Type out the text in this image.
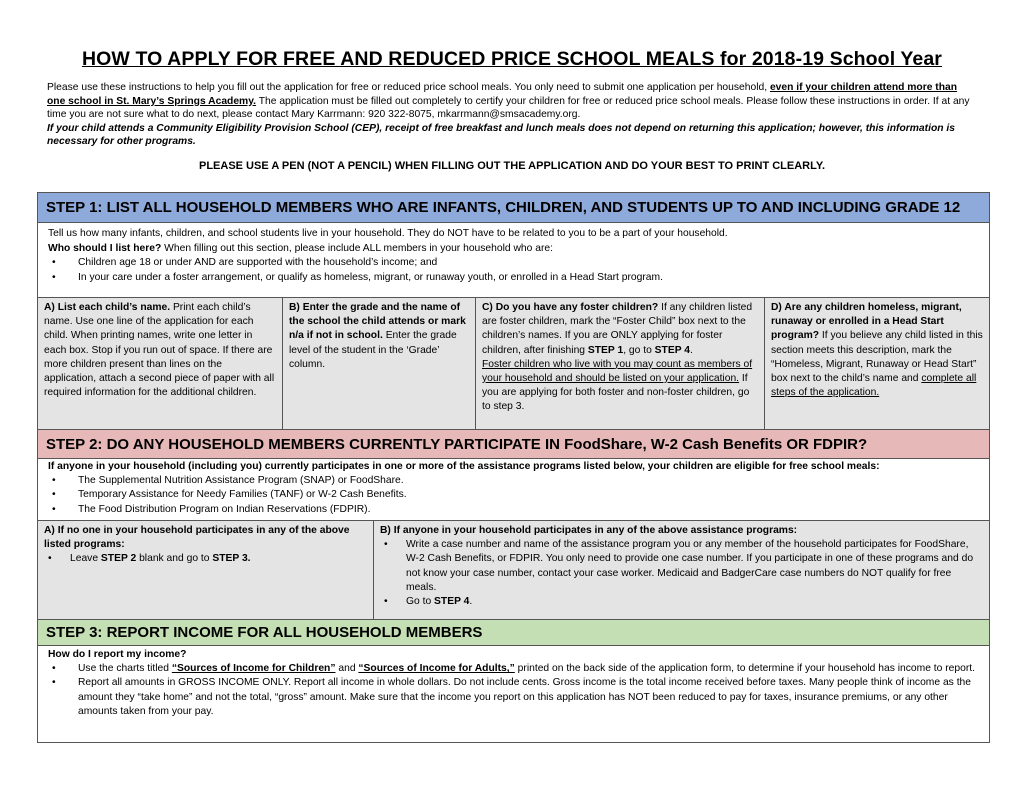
HOW TO APPLY FOR FREE AND REDUCED PRICE SCHOOL MEALS for 2018-19 School Year
Please use these instructions to help you fill out the application for free or reduced price school meals. You only need to submit one application per household, even if your children attend more than one school in St. Mary’s Springs Academy. The application must be filled out completely to certify your children for free or reduced price school meals. Please follow these instructions in order. If at any time you are not sure what to do next, please contact Mary Karrmann: 920 322-8075, mkarrmann@smsacademy.org.
If your child attends a Community Eligibility Provision School (CEP), receipt of free breakfast and lunch meals does not depend on returning this application; however, this information is necessary for other programs.
PLEASE USE A PEN (NOT A PENCIL) WHEN FILLING OUT THE APPLICATION AND DO YOUR BEST TO PRINT CLEARLY.
STEP 1: LIST ALL HOUSEHOLD MEMBERS WHO ARE INFANTS, CHILDREN, AND STUDENTS UP TO AND INCLUDING GRADE 12
Tell us how many infants, children, and school students live in your household. They do NOT have to be related to you to be a part of your household.
Who should I list here? When filling out this section, please include ALL members in your household who are:
• Children age 18 or under AND are supported with the household’s income; and
• In your care under a foster arrangement, or qualify as homeless, migrant, or runaway youth, or enrolled in a Head Start program.
A) List each child’s name. Print each child’s name. Use one line of the application for each child. When printing names, write one letter in each box. Stop if you run out of space. If there are more children present than lines on the application, attach a second piece of paper with all required information for the additional children.
B) Enter the grade and the name of the school the child attends or mark n/a if not in school. Enter the grade level of the student in the ‘Grade’ column.
C) Do you have any foster children? If any children listed are foster children, mark the “Foster Child” box next to the children’s names. If you are ONLY applying for foster children, after finishing STEP 1, go to STEP 4.
Foster children who live with you may count as members of your household and should be listed on your application. If you are applying for both foster and non-foster children, go to step 3.
D) Are any children homeless, migrant, runaway or enrolled in a Head Start program? If you believe any child listed in this section meets this description, mark the “Homeless, Migrant, Runaway or Head Start” box next to the child’s name and complete all steps of the application.
STEP 2: DO ANY HOUSEHOLD MEMBERS CURRENTLY PARTICIPATE IN FoodShare, W-2 Cash Benefits OR FDPIR?
If anyone in your household (including you) currently participates in one or more of the assistance programs listed below, your children are eligible for free school meals:
• The Supplemental Nutrition Assistance Program (SNAP) or FoodShare.
• Temporary Assistance for Needy Families (TANF) or W-2 Cash Benefits.
• The Food Distribution Program on Indian Reservations (FDPIR).
A) If no one in your household participates in any of the above listed programs:
• Leave STEP 2 blank and go to STEP 3.
B) If anyone in your household participates in any of the above assistance programs:
• Write a case number and name of the assistance program you or any member of the household participates for FoodShare, W-2 Cash Benefits, or FDPIR. You only need to provide one case number. If you participate in one of these programs and do not know your case number, contact your case worker. Medicaid and BadgerCare case numbers do NOT qualify for free meals.
• Go to STEP 4.
STEP 3: REPORT INCOME FOR ALL HOUSEHOLD MEMBERS
How do I report my income?
• Use the charts titled “Sources of Income for Children” and “Sources of Income for Adults,” printed on the back side of the application form, to determine if your household has income to report.
• Report all amounts in GROSS INCOME ONLY. Report all income in whole dollars. Do not include cents. Gross income is the total income received before taxes. Many people think of income as the amount they “take home” and not the total, “gross” amount. Make sure that the income you report on this application has NOT been reduced to pay for taxes, insurance premiums, or any other amounts taken from your pay.
